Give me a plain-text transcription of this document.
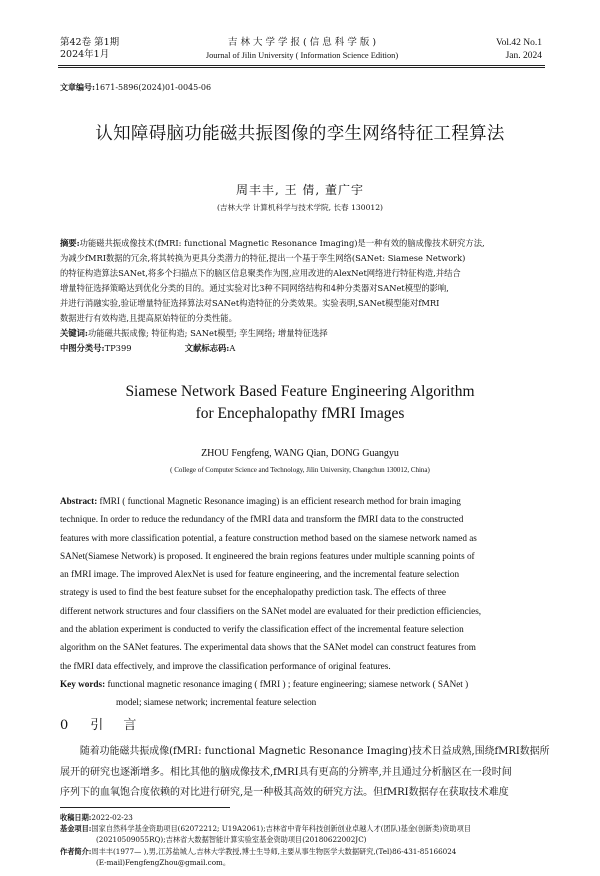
第42卷 第1期
2024年1月
吉 林 大 学 学 报 ( 信 息 科 学 版 )
Journal of Jilin University ( Information Science Edition)
Vol.42 No.1
Jan. 2024
文章编号:1671-5896(2024)01-0045-06
认知障碍脑功能磁共振图像的孪生网络特征工程算法
周丰丰, 王 倩, 董广宇
(吉林大学 计算机科学与技术学院, 长春 130012)
摘要:功能磁共振成像技术(fMRI: functional Magnetic Resonance Imaging)是一种有效的脑成像技术研究方法,
为减少fMRI数据的冗余,将其转换为更具分类潜力的特征,提出一个基于孪生网络(SANet: Siamese Network)
的特征构造算法SANet,将多个扫描点下的脑区信息聚类作为图,应用改进的AlexNet网络进行特征构造,并结合
增量特征选择策略达到优化分类的目的。通过实验对比3种不同网络结构和4种分类器对SANet模型的影响,
并进行消融实验,验证增量特征选择算法对SANet构造特征的分类效果。实验表明,SANet模型能对fMRI
数据进行有效构造,且提高原始特征的分类性能。
关键词:功能磁共振成像; 特征构造; SANet模型; 孪生网络; 增量特征选择
中图分类号:TP399	文献标志码:A
Siamese Network Based Feature Engineering Algorithm
for Encephalopathy fMRI Images
ZHOU Fengfeng, WANG Qian, DONG Guangyu
( College of Computer Science and Technology, Jilin University, Changchun 130012, China)
Abstract: fMRI ( functional Magnetic Resonance imaging) is an efficient research method for brain imaging
technique. In order to reduce the redundancy of the fMRI data and transform the fMRI data to the constructed
features with more classification potential, a feature construction method based on the siamese network named as
SANet(Siamese Network) is proposed. It engineered the brain regions features under multiple scanning points of
an fMRI image. The improved AlexNet is used for feature engineering, and the incremental feature selection
strategy is used to find the best feature subset for the encephalopathy prediction task. The effects of three
different network structures and four classifiers on the SANet model are evaluated for their prediction efficiencies,
and the ablation experiment is conducted to verify the classification effect of the incremental feature selection
algorithm on the SANet features. The experimental data shows that the SANet model can construct features from
the fMRI data effectively, and improve the classification performance of original features.
Key words: functional magnetic resonance imaging ( fMRI ) ; feature engineering; siamese network ( SANet )
model; siamese network; incremental feature selection
0 引 言
随着功能磁共振成像(fMRI: functional Magnetic Resonance Imaging)技术日益成熟,围绕fMRI数据所
展开的研究也逐渐增多。相比其他的脑成像技术,fMRI具有更高的分辨率,并且通过分析脑区在一段时间
序列下的血氧饱合度依赖的对比进行研究,是一种极其高效的研究方法。但fMRI数据存在获取技术难度
收稿日期:2022-02-23
基金项目:国家自然科学基金资助项目(62072212; U19A2061);吉林省中青年科技创新创业卓越人才(团队)基金(创新类)资助项目
(20210509055RQ);吉林省大数据智能计算实验室基金资助项目(20180622002JC)
作者简介:周丰丰(1977— ),男,江苏盐城人,吉林大学教授,博士生导师,主要从事生物医学大数据研究,(Tel)86-431-85166024
(E-mail)FengfengZhou@gmail.com。
